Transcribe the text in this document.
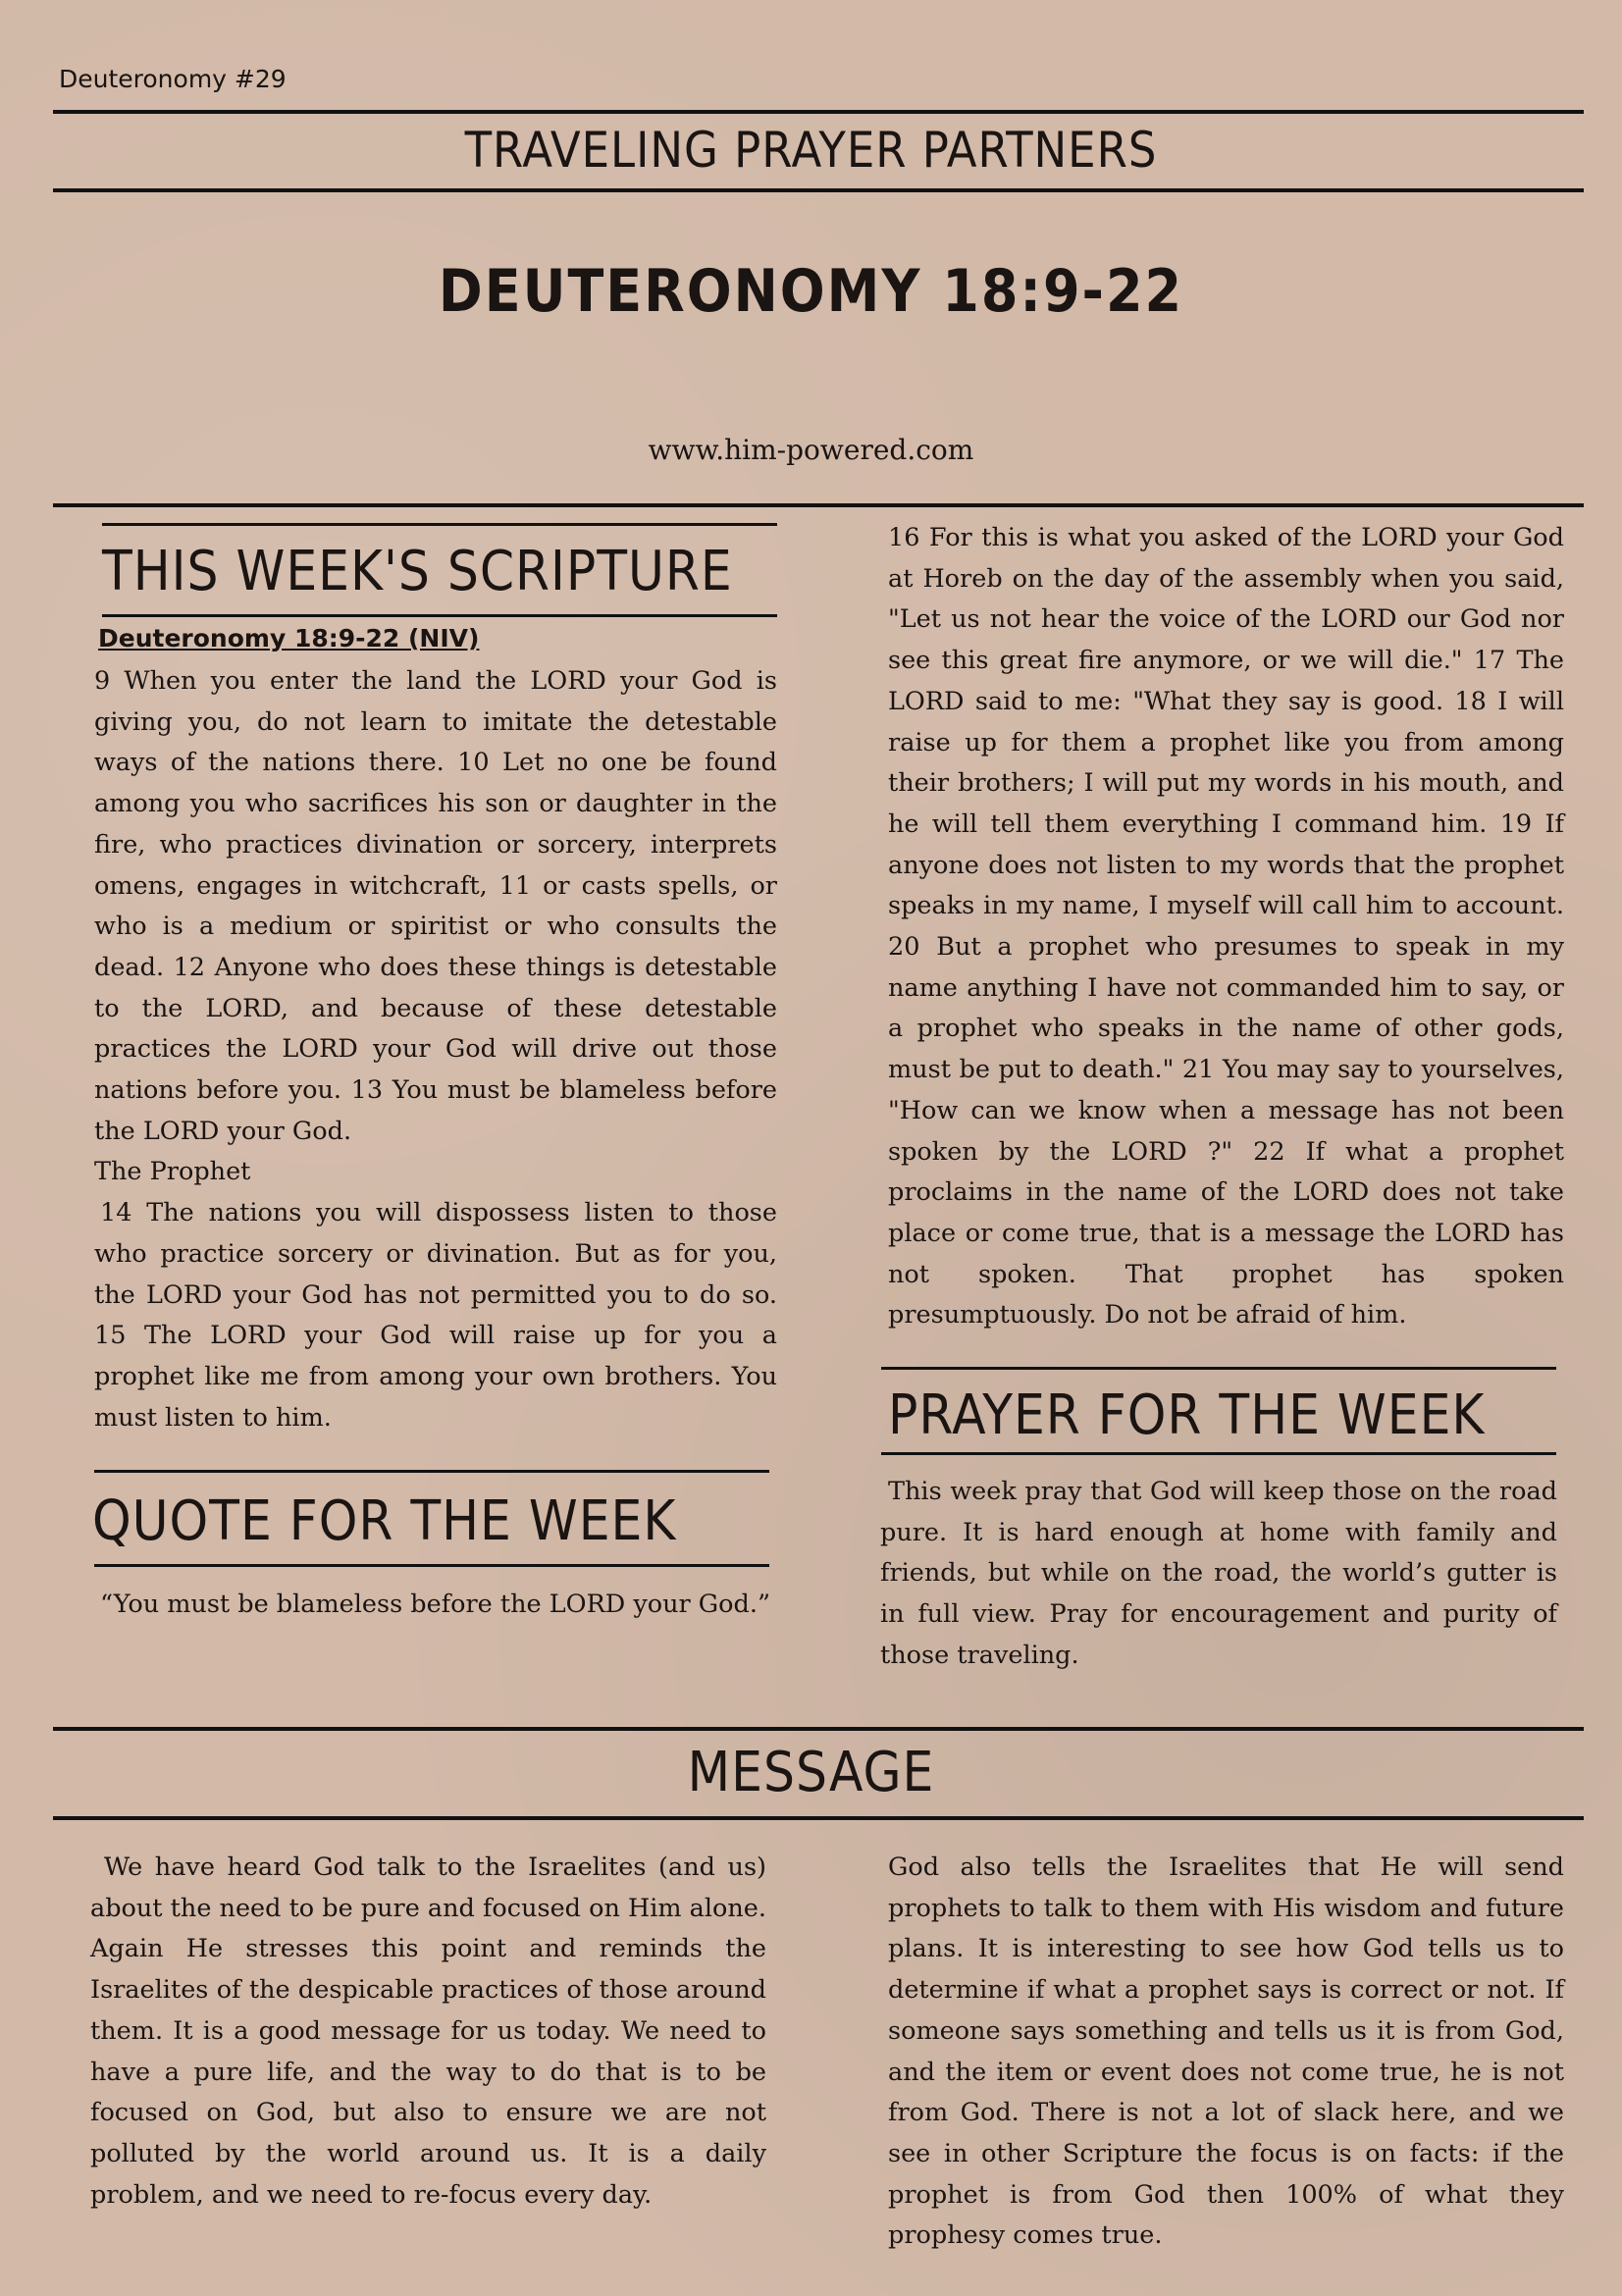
Deuteronomy #29
TRAVELING PRAYER PARTNERS
DEUTERONOMY 18:9-22
www.him-powered.com
THIS WEEK'S SCRIPTURE
Deuteronomy 18:9-22 (NIV)
9 When you enter the land the LORD your God is giving you, do not learn to imitate the detestable ways of the nations there. 10 Let no one be found among you who sacrifices his son or daughter in the fire, who practices divination or sorcery, interprets omens, engages in witchcraft, 11 or casts spells, or who is a medium or spiritist or who consults the dead. 12 Anyone who does these things is detestable to the LORD, and because of these detestable practices the LORD your God will drive out those nations before you. 13 You must be blameless before the LORD your God.
The Prophet
14 The nations you will dispossess listen to those who practice sorcery or divination. But as for you, the LORD your God has not permitted you to do so. 15 The LORD your God will raise up for you a prophet like me from among your own brothers. You must listen to him.
16 For this is what you asked of the LORD your God at Horeb on the day of the assembly when you said, "Let us not hear the voice of the LORD our God nor see this great fire anymore, or we will die." 17 The LORD said to me: "What they say is good. 18 I will raise up for them a prophet like you from among their brothers; I will put my words in his mouth, and he will tell them everything I command him. 19 If anyone does not listen to my words that the prophet speaks in my name, I myself will call him to account. 20 But a prophet who presumes to speak in my name anything I have not commanded him to say, or a prophet who speaks in the name of other gods, must be put to death." 21 You may say to yourselves, "How can we know when a message has not been spoken by the LORD ?" 22 If what a prophet proclaims in the name of the LORD does not take place or come true, that is a message the LORD has not spoken. That prophet has spoken presumptuously. Do not be afraid of him.
QUOTE FOR THE WEEK
“You must be blameless before the LORD your God.”
PRAYER FOR THE WEEK
This week pray that God will keep those on the road pure. It is hard enough at home with family and friends, but while on the road, the world’s gutter is in full view. Pray for encouragement and purity of those traveling.
MESSAGE
We have heard God talk to the Israelites (and us) about the need to be pure and focused on Him alone. Again He stresses this point and reminds the Israelites of the despicable practices of those around them. It is a good message for us today. We need to have a pure life, and the way to do that is to be focused on God, but also to ensure we are not polluted by the world around us. It is a daily problem, and we need to re-focus every day.
God also tells the Israelites that He will send prophets to talk to them with His wisdom and future plans. It is interesting to see how God tells us to determine if what a prophet says is correct or not. If someone says something and tells us it is from God, and the item or event does not come true, he is not from God. There is not a lot of slack here, and we see in other Scripture the focus is on facts: if the prophet is from God then 100% of what they prophesy comes true.
